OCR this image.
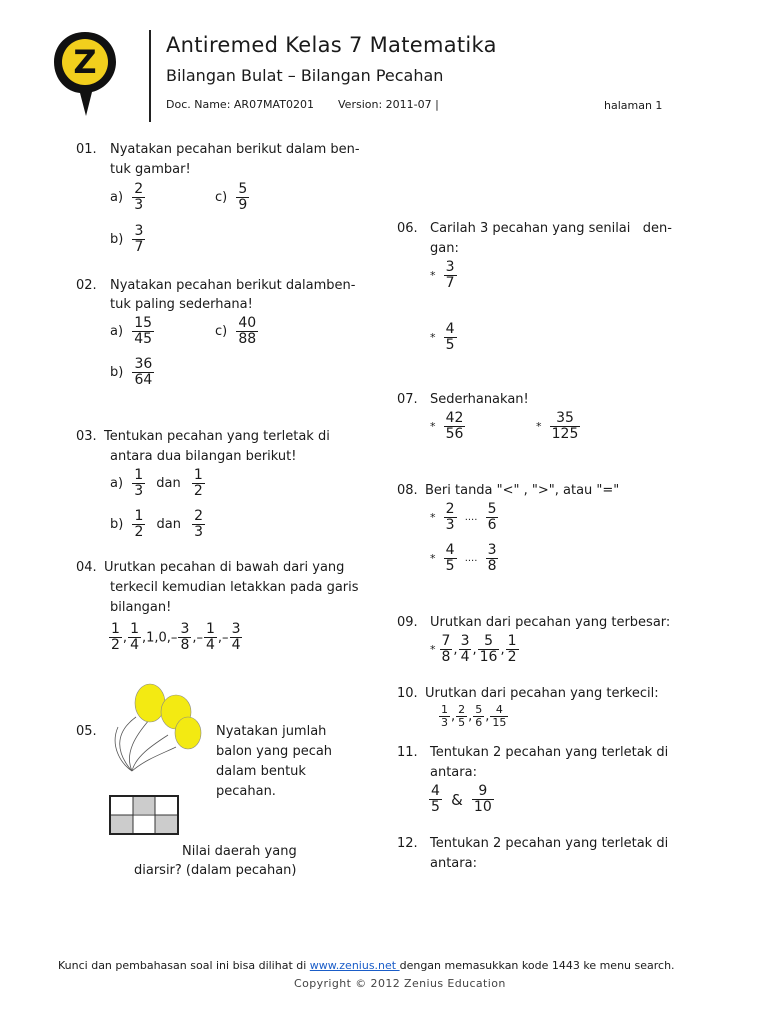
Z	Antiremed Kelas 7 Matematika
Bilangan Bulat – Bilangan Pecahan
Doc. Name: AR07MAT0201 Version: 2011-07 |	halaman 1
01. Nyatakan pecahan berikut dalam ben-
tuk gambar!
$a) \frac{2}{3}$	$c) \frac{5}{9}$
$b) \frac{3}{7}$
02. Nyatakan pecahan berikut dalamben-
tuk paling sederhana!
$a) \frac{15}{45}$	$c) \frac{40}{88}$
$b) \frac{36}{64}$
03. Tentukan pecahan yang terletak di
antara dua bilangan berikut!
$a) \frac{1}{3}$ dan $\frac{1}{2}$
$b) \frac{1}{2}$ dan $\frac{2}{3}$
04. Urutkan pecahan di bawah dari yang
terkecil kemudian letakkan pada garis
bilangan!
$\frac{1}{2}$ , $\frac{1}{4} ,1,0,- \frac{3}{8}$ ,– $\frac{1}{4}$ ,– $\frac{3}{4}$
05.	Nyatakan jumlah
balon yang pecah
dalam bentuk
pecahan.
Nilai daerah yang
diarsir? (dalam pecahan)
06. Carilah 3 pecahan yang senilai   den-
gan:
* $\frac{3}{7}$
* $\frac{4}{5}$
07. Sederhanakan!
* $\frac{42}{56}$	* $\frac{35}{125}$
08. Beri tanda "<" , ">", atau "="
* $\frac{2}{3}$ .... $\frac{5}{6}$
* $\frac{4}{5}$ .... $\frac{3}{8}$
09. Urutkan dari pecahan yang terbesar:
* $\frac{7}{8}$ , $\frac{3}{4}$ , $\frac{5}{16}$ , $\frac{1}{2}$
10. Urutkan dari pecahan yang terkecil:
$\frac{1}{3}$ , $\frac{2}{5}$ , $\frac{5}{6}$ , $\frac{4}{15}$
11. Tentukan 2 pecahan yang terletak di
antara:
$\frac{4}{5}$ & $\frac{9}{10}$
12. Tentukan 2 pecahan yang terletak di
antara:
Kunci dan pembahasan soal ini bisa dilihat di www.zenius.net dengan memasukkan kode 1443 ke menu search.
Copyright © 2012 Zenius Education
